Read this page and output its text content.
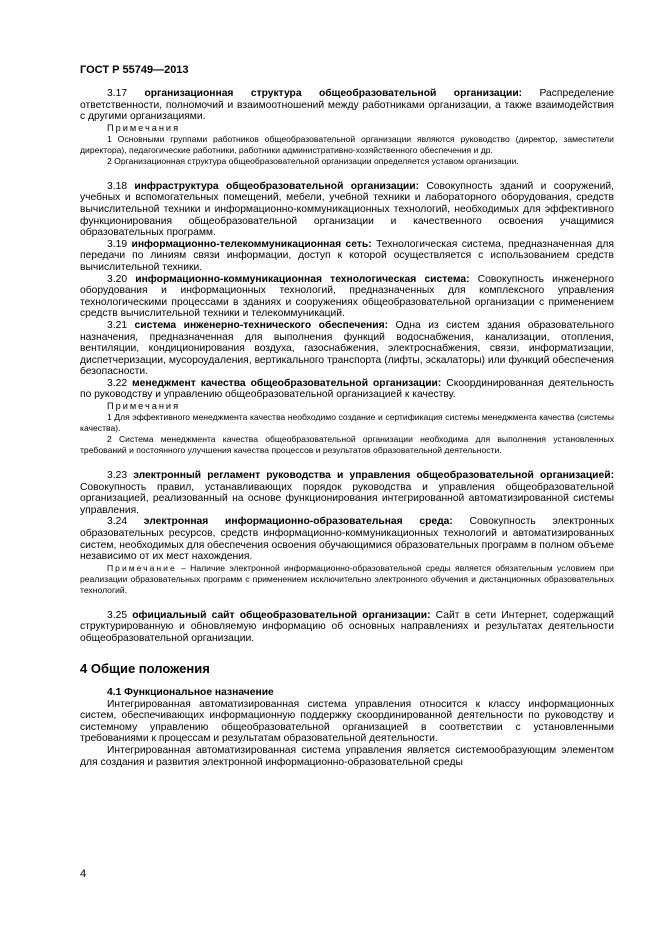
ГОСТ Р 55749—2013

3.17 организационная структура общеобразовательной организации: Распределение ответственности, полномочий и взаимоотношений между работниками организации, а также взаимодействия с другими организациями.

Примечания

1 Основными группами работников общеобразовательной организации являются руководство (директор, заместители директора), педагогические работники, работники административно-хозяйственного обеспечения и др.

2 Организационная структура общеобразовательной организации определяется уставом организации.

3.18 инфраструктура общеобразовательной организации: Совокупность зданий и сооружений, учебных и вспомогательных помещений, мебели, учебной техники и лабораторного оборудования, средств вычислительной техники и информационно-коммуникационных технологий, необходимых для эффективного функционирования общеобразовательной организации и качественного освоения учащимися образовательных программ.

3.19 информационно-телекоммуникационная сеть: Технологическая система, предназначенная для передачи по линиям связи информации, доступ к которой осуществляется с использованием средств вычислительной техники.

3.20 информационно-коммуникационная технологическая система: Совокупность инженерного оборудования и информационных технологий, предназначенных для комплексного управления технологическими процессами в зданиях и сооружениях общеобразовательной организации с применением средств вычислительной техники и телекоммуникаций.

3.21 система инженерно-технического обеспечения: Одна из систем здания образовательного назначения, предназначенная для выполнения функций водоснабжения, канализации, отопления, вентиляции, кондиционирования воздуха, газоснабжения, электроснабжения, связи, информатизации, диспетчеризации, мусороудаления, вертикального транспорта (лифты, эскалаторы) или функций обеспечения безопасности.

3.22 менеджмент качества общеобразовательной организации: Скоординированная деятельность по руководству и управлению общеобразовательной организацией к качеству.

Примечания

1 Для эффективного менеджмента качества необходимо создание и сертификация системы менеджмента качества (системы качества).

2 Система менеджмента качества общеобразовательной организации необходима для выполнения установленных требований и постоянного улучшения качества процессов и результатов образовательной деятельности.

3.23 электронный регламент руководства и управления общеобразовательной организацией: Совокупность правил, устанавливающих порядок руководства и управления общеобразовательной организацией, реализованный на основе функционирования интегрированной автоматизированной системы управления.

3.24 электронная информационно-образовательная среда: Совокупность электронных образовательных ресурсов, средств информационно-коммуникационных технологий и автоматизированных систем, необходимых для обеспечения освоения обучающимися образовательных программ в полном объеме независимо от их мест нахождения.

Примечание – Наличие электронной информационно-образовательной среды является обязательным условием при реализации образовательных программ с применением исключительно электронного обучения и дистанционных образовательных технологий.

3.25 официальный сайт общеобразовательной организации: Сайт в сети Интернет, содержащий структурированную и обновляемую информацию об основных направлениях и результатах деятельности общеобразовательной организации.

4 Общие положения

4.1 Функциональное назначение

Интегрированная автоматизированная система управления относится к классу информационных систем, обеспечивающих информационную поддержку скоординированной деятельности по руководству и системному управлению общеобразовательной организацией в соответствии с установленными требованиями к процессам и результатам образовательной деятельности.

Интегрированная автоматизированная система управления является системообразующим элементом для создания и развития электронной информационно-образовательной среды

4
